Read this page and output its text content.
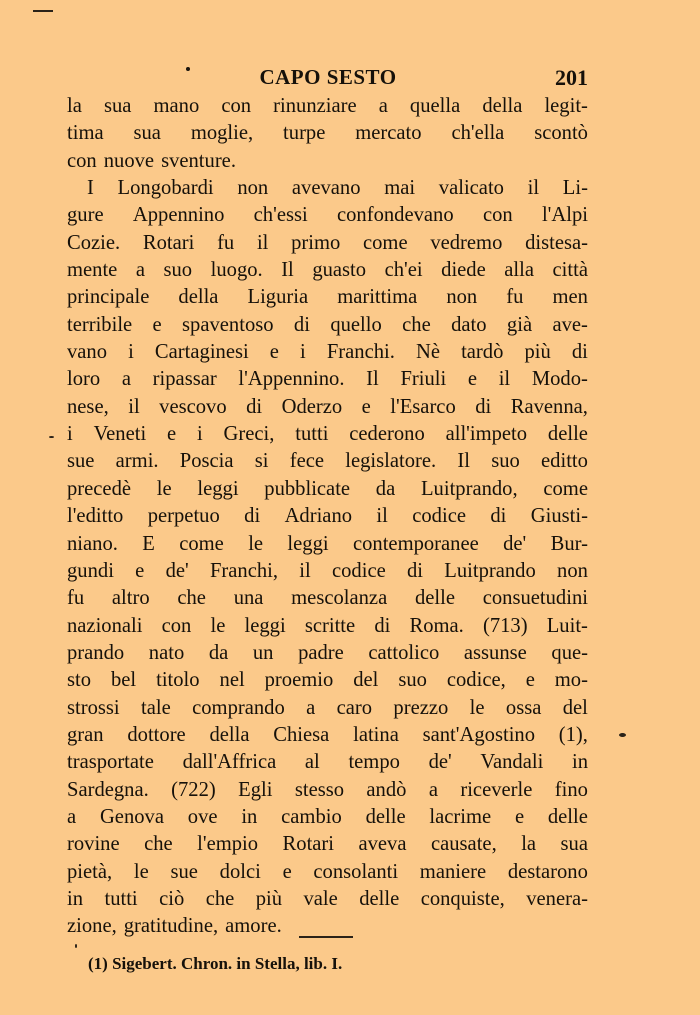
CAPO SESTO	201
la sua mano con rinunziare a quella della legit-
tima sua moglie, turpe mercato ch'ella scontò
con nuove sventure.
I Longobardi non avevano mai valicato il Li-
gure Appennino ch'essi confondevano con l'Alpi
Cozie. Rotari fu il primo come vedremo distesa-
mente a suo luogo. Il guasto ch'ei diede alla città
principale della Liguria marittima non fu men
terribile e spaventoso di quello che dato già ave-
vano i Cartaginesi e i Franchi. Nè tardò più di
loro a ripassar l'Appennino. Il Friuli e il Modo-
nese, il vescovo di Oderzo e l'Esarco di Ravenna,
i Veneti e i Greci, tutti cederono all'impeto delle
sue armi. Poscia si fece legislatore. Il suo editto
precedè le leggi pubblicate da Luitprando, come
l'editto perpetuo di Adriano il codice di Giusti-
niano. E come le leggi contemporanee de' Bur-
gundi e de' Franchi, il codice di Luitprando non
fu altro che una mescolanza delle consuetudini
nazionali con le leggi scritte di Roma. (713) Luit-
prando nato da un padre cattolico assunse que-
sto bel titolo nel proemio del suo codice, e mo-
strossi tale comprando a caro prezzo le ossa del
gran dottore della Chiesa latina sant'Agostino (1),
trasportate dall'Affrica al tempo de' Vandali in
Sardegna. (722) Egli stesso andò a riceverle fino
a Genova ove in cambio delle lacrime e delle
rovine che l'empio Rotari aveva causate, la sua
pietà, le sue dolci e consolanti maniere destarono
in tutti ciò che più vale delle conquiste, venera-
zione, gratitudine, amore.
(1) Sigebert. Chron. in Stella, lib. I.
